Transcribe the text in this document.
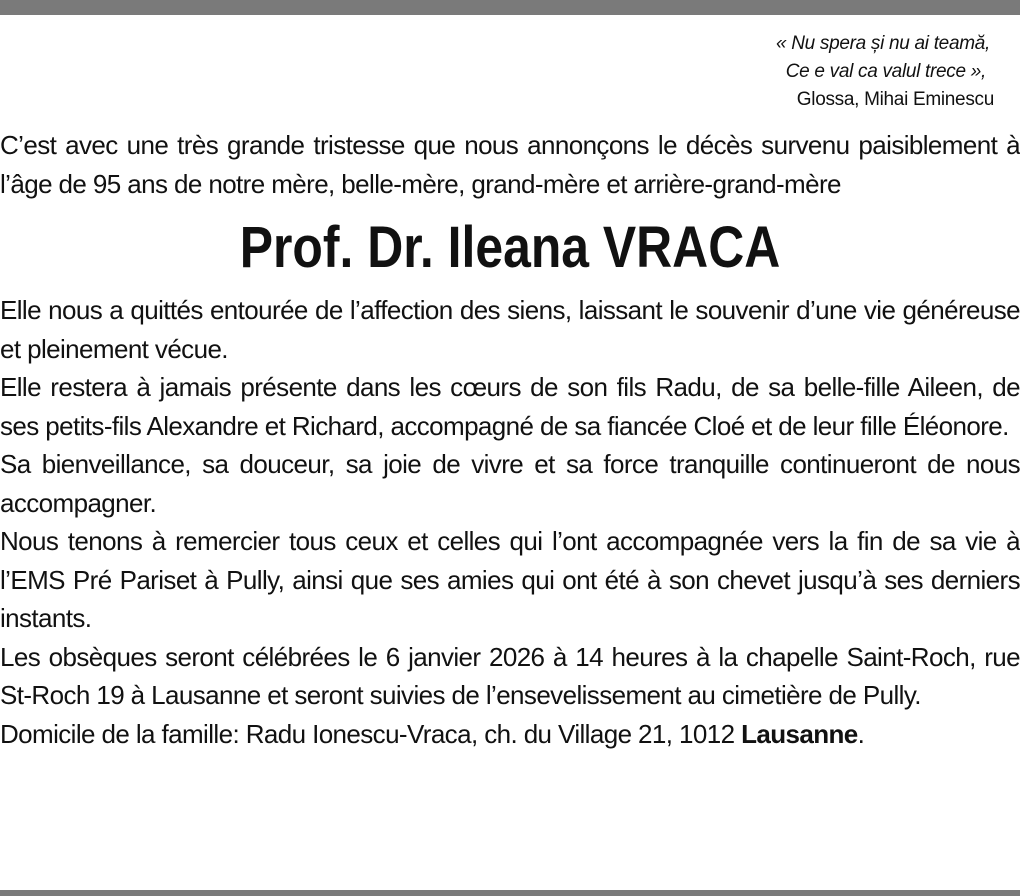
« Nu spera și nu ai teamă,
Ce e val ca valul trece »,
Glossa, Mihai Eminescu

C’est avec une très grande tristesse que nous annonçons le décès survenu paisiblement à l’âge de 95 ans de notre mère, belle-mère, grand-mère et arrière-grand-mère

Prof. Dr. Ileana VRACA

Elle nous a quittés entourée de l’affection des siens, laissant le souvenir d’une vie généreuse et pleinement vécue.

Elle restera à jamais présente dans les cœurs de son fils Radu, de sa belle-fille Aileen, de ses petits-fils Alexandre et Richard, accompagné de sa fiancée Cloé et de leur fille Éléonore.

Sa bienveillance, sa douceur, sa joie de vivre et sa force tranquille continueront de nous accompagner.

Nous tenons à remercier tous ceux et celles qui l’ont accompagnée vers la fin de sa vie à l’EMS Pré Pariset à Pully, ainsi que ses amies qui ont été à son chevet jusqu’à ses derniers instants.

Les obsèques seront célébrées le 6 janvier 2026 à 14 heures à la chapelle Saint-Roch, rue St-Roch 19 à Lausanne et seront suivies de l’ensevelissement au cimetière de Pully.

Domicile de la famille: Radu Ionescu-Vraca, ch. du Village 21, 1012 Lausanne.
